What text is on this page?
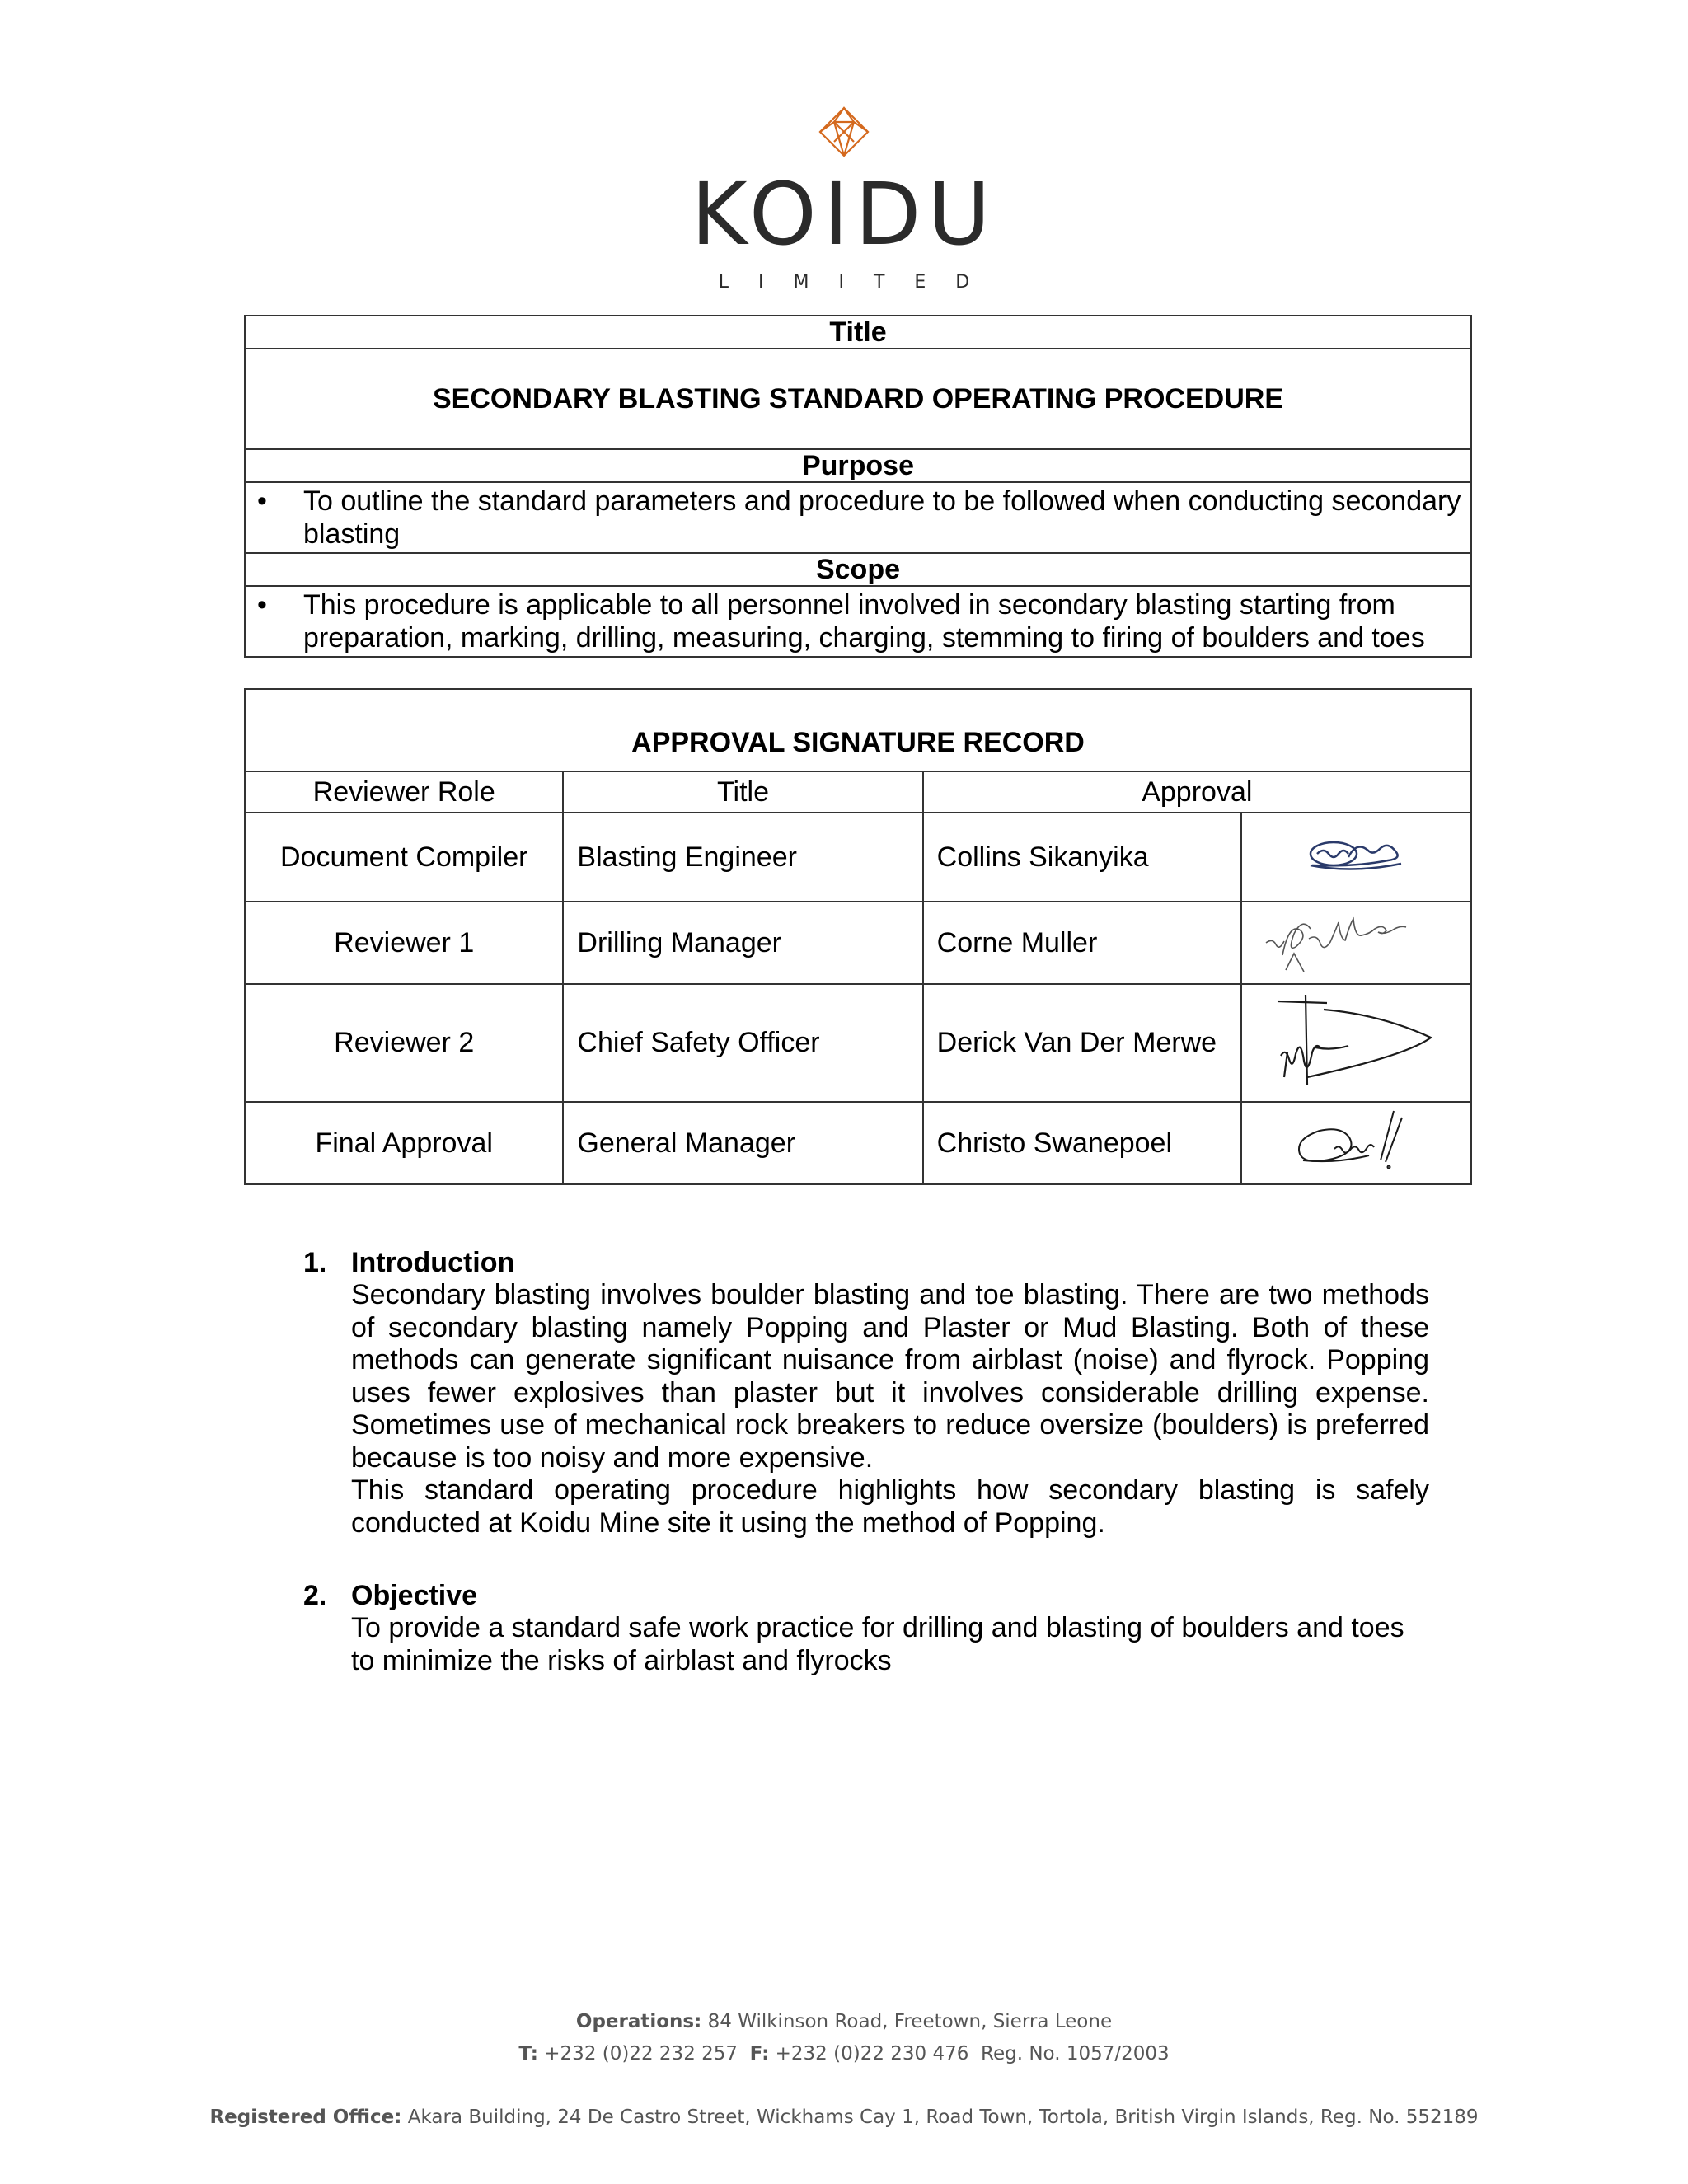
KOIDU
LIMITED
Title
SECONDARY BLASTING STANDARD OPERATING PROCEDURE
Purpose

•	To outline the standard parameters and procedure to be followed when conducting secondary blasting

Scope

•	This procedure is applicable to all personnel involved in secondary blasting starting from preparation, marking, drilling, measuring, charging, stemming to firing of boulders and toes
APPROVAL SIGNATURE RECORD			
Reviewer Role	Title	Approval	
Document Compiler	Blasting Engineer	Collins Sikanyika	

Reviewer 1	Drilling Manager	Corne Muller	

Reviewer 2	Chief Safety Officer	Derick Van Der Merwe	

Final Approval	General Manager	Christo Swanepoel	
1. Introduction

Secondary blasting involves boulder blasting and toe blasting. There are two methods of secondary blasting namely Popping and Plaster or Mud Blasting. Both of these methods can generate significant nuisance from airblast (noise) and flyrock. Popping uses fewer explosives than plaster but it involves considerable drilling expense. Sometimes use of mechanical rock breakers to reduce oversize (boulders) is preferred because is too noisy and more expensive.

This standard operating procedure highlights how secondary blasting is safely conducted at Koidu Mine site it using the method of Popping.

2. Objective

To provide a standard safe work practice for drilling and blasting of boulders and toes to minimize the risks of airblast and flyrocks

Operations: 84 Wilkinson Road, Freetown, Sierra Leone
T: +232 (0)22 232 257 F: +232 (0)22 230 476 Reg. No. 1057/2003
Registered Office: Akara Building, 24 De Castro Street, Wickhams Cay 1, Road Town, Tortola, British Virgin Islands, Reg. No. 552189
